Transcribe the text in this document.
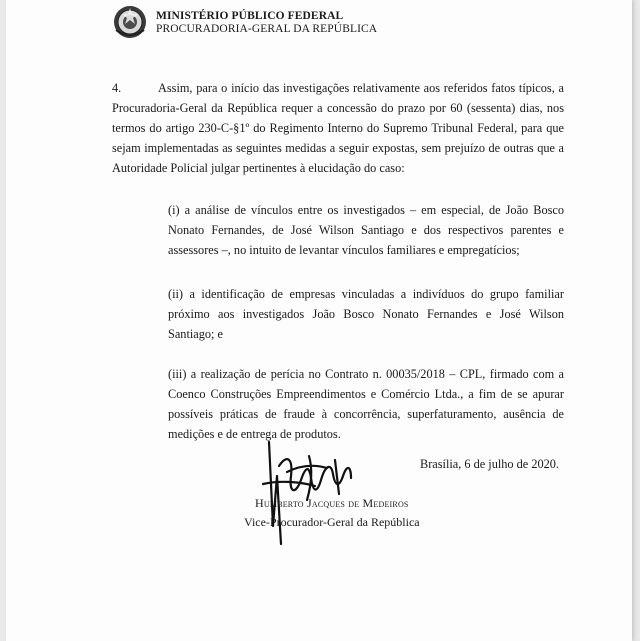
MINISTÉRIO PÚBLICO FEDERAL
PROCURADORIA-GERAL DA REPÚBLICA
4.	Assim, para o início das investigações relativamente aos referidos fatos típicos, a Procuradoria-Geral da República requer a concessão do prazo por 60 (sessenta) dias, nos termos do artigo 230-C-§1º do Regimento Interno do Supremo Tribunal Federal, para que sejam implementadas as seguintes medidas a seguir expostas, sem prejuízo de outras que a Autoridade Policial julgar pertinentes à elucidação do caso:
(i) a análise de vínculos entre os investigados – em especial, de João Bosco Nonato Fernandes, de José Wilson Santiago e dos respectivos parentes e assessores –, no intuito de levantar vínculos familiares e empregatícios;
(ii) a identificação de empresas vinculadas a indivíduos do grupo familiar próximo aos investigados João Bosco Nonato Fernandes e José Wilson Santiago; e
(iii) a realização de perícia no Contrato n. 00035/2018 – CPL, firmado com a Coenco Construções Empreendimentos e Comércio Ltda., a fim de se apurar possíveis práticas de fraude à concorrência, superfaturamento, ausência de medições e de entrega de produtos.
Brasília, 6 de julho de 2020.
Humberto Jacques de Medeiros
Vice-Procurador-Geral da República
